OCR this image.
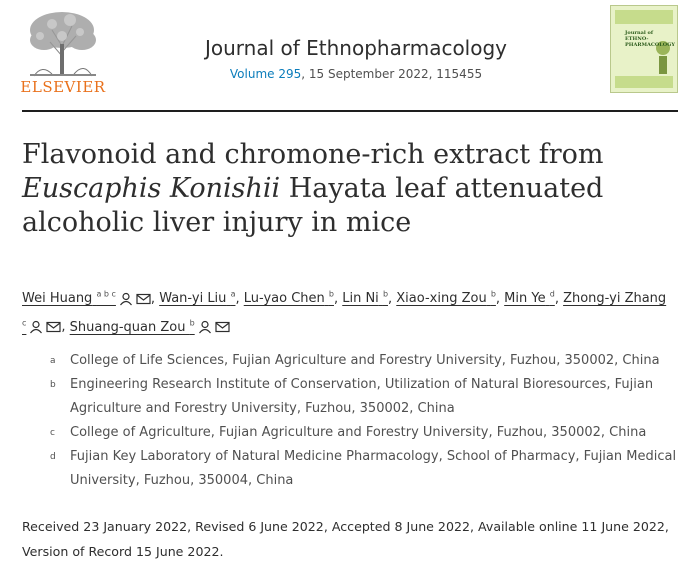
ELSEVIER
Journal of Ethnopharmacology
Volume 295, 15 September 2022, 115455
Journal of ETHNO-PHARMACOLOGY
Flavonoid and chromone-rich extract from
Euscaphis Konishii Hayata leaf attenuated
alcoholic liver injury in mice
Wei Huang $^{a b c}$	, Wan-yi Liu $^a$, Lu-yao Chen $^b$, Lin Ni $^b$, Xiao-xing Zou $^b$, Min Ye $^d$, Zhong-yi Zhang $^c$	, Shuang-quan Zou $^b$
a	College of Life Sciences, Fujian Agriculture and Forestry University, Fuzhou, 350002, China
b	Engineering Research Institute of Conservation, Utilization of Natural Bioresources, Fujian Agriculture and Forestry University, Fuzhou, 350002, China
c	College of Agriculture, Fujian Agriculture and Forestry University, Fuzhou, 350002, China
d	Fujian Key Laboratory of Natural Medicine Pharmacology, School of Pharmacy, Fujian Medical University, Fuzhou, 350004, China
Received 23 January 2022, Revised 6 June 2022, Accepted 8 June 2022, Available online 11 June 2022, Version of Record 15 June 2022.
